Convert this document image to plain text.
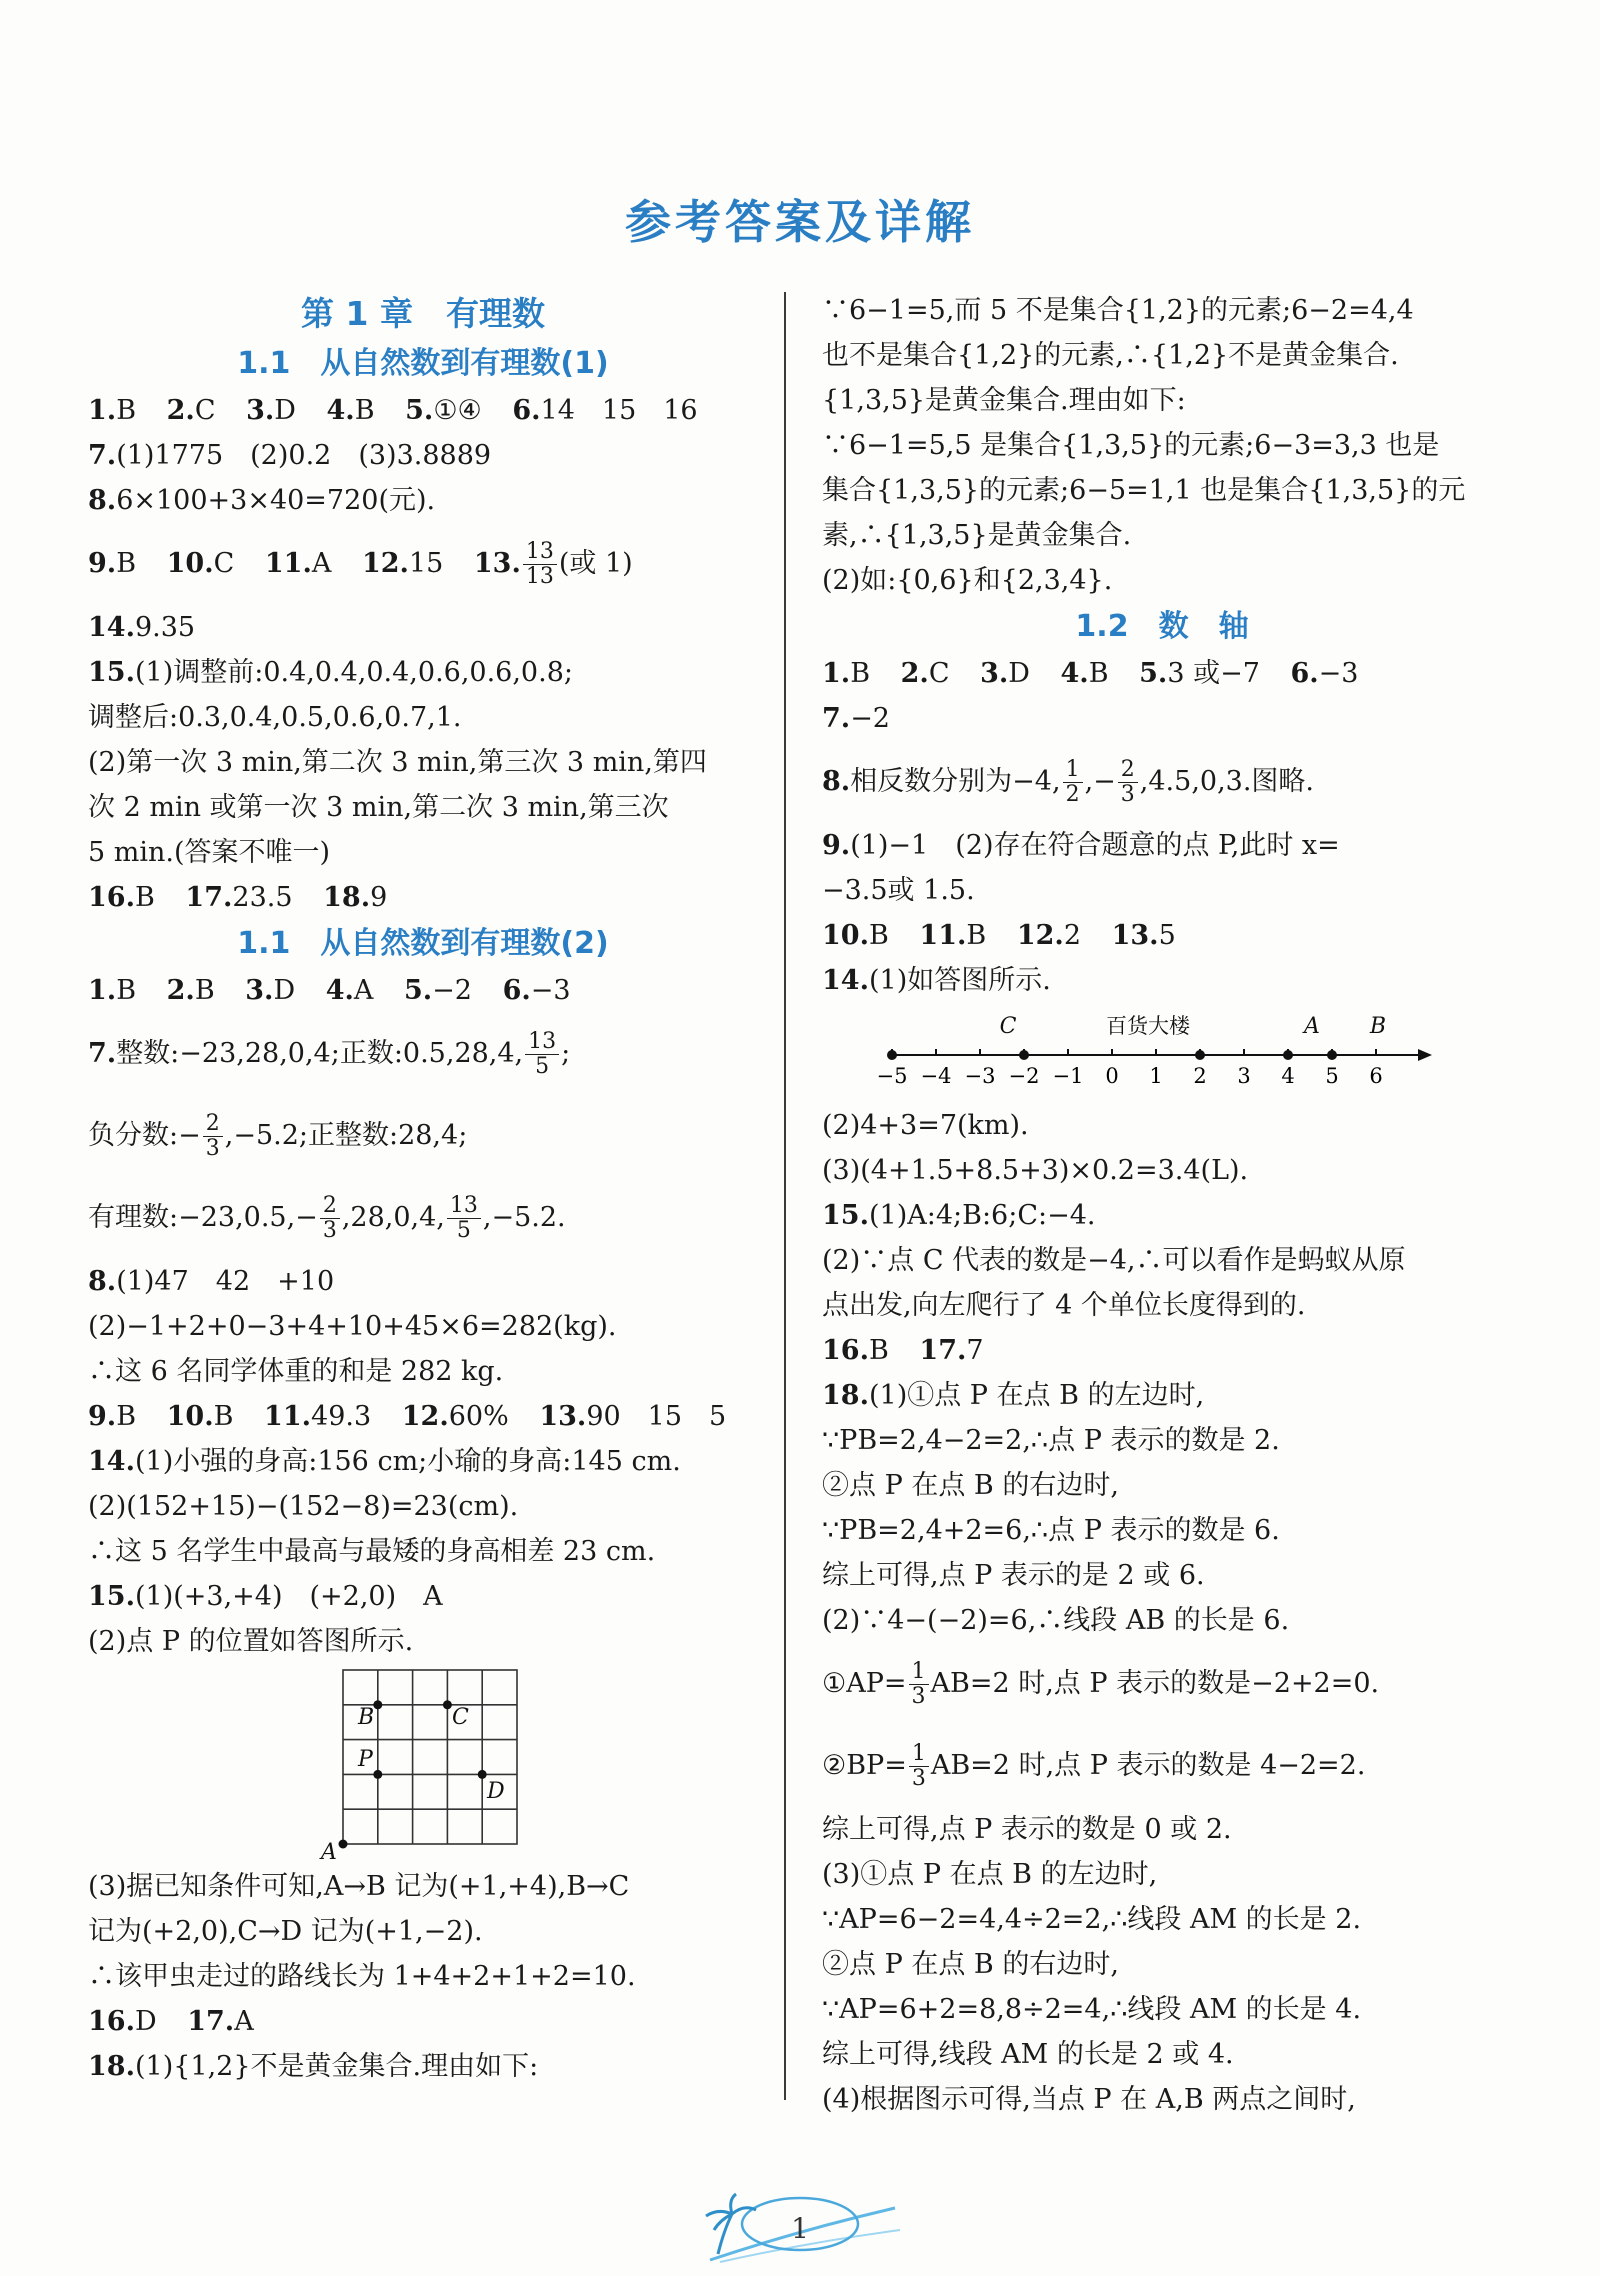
参考答案及详解
第 1 章　有理数
1.1　从自然数到有理数(1)
1.B 2.C 3.D 4.B 5.①④ 6.14　15　16
7.(1)1775　(2)0.2　(3)3.8889
8.6×100+3×40=720(元).
9.B 10.C 11.A 12.15 13. $\frac{13}{13}$ (或 1)
14.9.35
15.(1)调整前:0.4,0.4,0.4,0.6,0.6,0.8;
调整后:0.3,0.4,0.5,0.6,0.7,1.
(2)第一次 3 min,第二次 3 min,第三次 3 min,第四
次 2 min 或第一次 3 min,第二次 3 min,第三次
5 min.(答案不唯一)
16.B 17.23.5 18.9
1.1　从自然数到有理数(2)
1.B 2.B 3.D 4.A 5.−2 6.−3
7.整数:−23,28,0,4;正数:0.5,28,4, $\frac{13}{5}$ ;
负分数:− $\frac{2}{3} ,-5.2$;正整数:28,4;
有理数:−23,0.5,− $\frac{2}{3} ,28,0,4$, $\frac{13}{5} ,-5.2$.
8.(1)47　42　+10
(2)−1+2+0−3+4+10+45×6=282(kg).
∴这 6 名同学体重的和是 282 kg.
9.B 10.B 11.49.3 12.60% 13.90　15　5
14.(1)小强的身高:156 cm;小瑜的身高:145 cm.
(2)(152+15)−(152−8)=23(cm).
∴这 5 名学生中最高与最矮的身高相差 23 cm.
15.(1)(+3,+4)　(+2,0)　A
(2)点 P 的位置如答图所示.
B	C
P
D
A
(3)据已知条件可知,A→B 记为(+1,+4),B→C
记为(+2,0),C→D 记为(+1,−2).
∴该甲虫走过的路线长为 1+4+2+1+2=10.
16.D 17.A
18.(1){1,2}不是黄金集合.理由如下:
∵6−1=5,而 5 不是集合{1,2}的元素;6−2=4,4
也不是集合{1,2}的元素,∴{1,2}不是黄金集合.
{1,3,5}是黄金集合.理由如下:
∵6−1=5,5 是集合{1,3,5}的元素;6−3=3,3 也是
集合{1,3,5}的元素;6−5=1,1 也是集合{1,3,5}的元
素,∴{1,3,5}是黄金集合.
(2)如:{0,6}和{2,3,4}.
1.2　数　轴
1.B 2.C 3.D 4.B 5.3 或−7 6.−3
7.−2
8.相反数分别为−4, $\frac{1}{2}$ ,− $\frac{2}{3} ,4.5,0,3$.图略.
9.(1)−1　(2)存在符合题意的点 P,此时 x=
−3.5或 1.5.
10.B 11.B 12.2 13.5
14.(1)如答图所示.
−5 −4 −3 −2 −1 0 1 2 3 4 5 6
C	百货大楼	A B
(2)4+3=7(km).
(3)(4+1.5+8.5+3)×0.2=3.4(L).
15.(1)A:4;B:6;C:−4.
(2)∵点 C 代表的数是−4,∴可以看作是蚂蚁从原
点出发,向左爬行了 4 个单位长度得到的.
16.B 17.7
18.(1)①点 P 在点 B 的左边时,
∵PB=2,4−2=2,∴点 P 表示的数是 2.
②点 P 在点 B 的右边时,
∵PB=2,4+2=6,∴点 P 表示的数是 6.
综上可得,点 P 表示的是 2 或 6.
(2)∵4−(−2)=6,∴线段 AB 的长是 6.
①AP= $\frac{1}{3} AB=2$ 时,点 P 表示的数是−2+2=0.
②BP= $\frac{1}{3} AB=2$ 时,点 P 表示的数是 4−2=2.
综上可得,点 P 表示的数是 0 或 2.
(3)①点 P 在点 B 的左边时,
∵AP=6−2=4,4÷2=2,∴线段 AM 的长是 2.
②点 P 在点 B 的右边时,
∵AP=6+2=8,8÷2=4,∴线段 AM 的长是 4.
综上可得,线段 AM 的长是 2 或 4.
(4)根据图示可得,当点 P 在 A,B 两点之间时,
1
